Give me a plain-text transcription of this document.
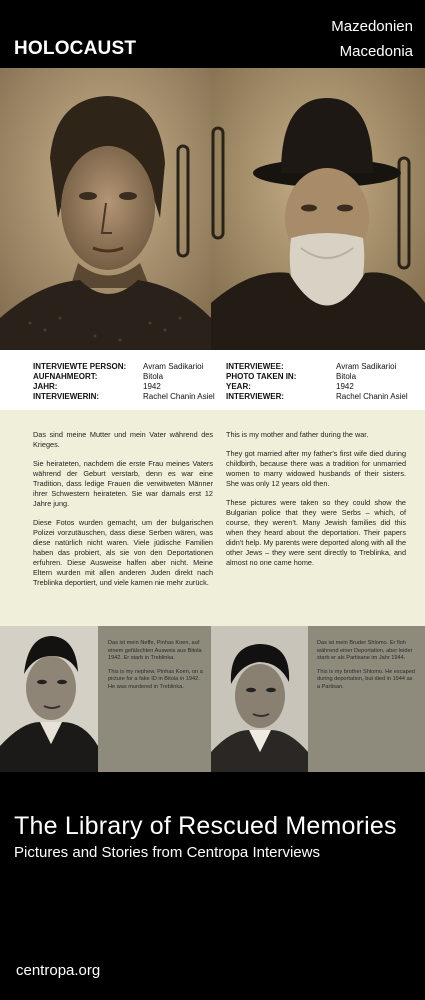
HOLOCAUST
Mazedonien
Macedonia
INTERVIEWTE PERSON: Avram Sadikarioi
AUFNAHMEORT:	Bitola
JAHR:	1942
INTERVIEWERIN:	Rachel Chanin Asiel
INTERVIEWEE:	Avram Sadikarioi
PHOTO TAKEN IN:	Bitola
YEAR:	1942
INTERVIEWER:	Rachel Chanin Asiel

Das sind meine Mutter und mein Vater während des Krieges.

Sie heirateten, nachdem die erste Frau meines Vaters während der Geburt verstarb, denn es war eine Tradition, dass ledige Frauen die verwitweten Männer ihrer Schwestern heirateten. Sie war damals erst 12 Jahre jung.

Diese Fotos wurden gemacht, um der bulgarischen Polizei vorzutäuschen, dass diese Serben wären, was diese natürlich nicht waren. Viele jüdische Familien haben das probiert, als sie von den Deportationen erfuhren. Diese Ausweise halfen aber nicht. Meine Eltern wurden mit allen anderen Juden direkt nach Treblinka deportiert, und viele kamen nie mehr zurück.

This is my mother and father during the war.

They got married after my father's first wife died during childbirth, because there was a tradition for unmarried women to marry widowed husbands of their sisters. She was only 12 years old then.

These pictures were taken so they could show the Bulgarian police that they were Serbs – which, of course, they weren't. Many Jewish families did this when they heard about the deportation. Their papers didn't help. My parents were deported along with all the other Jews – they were sent directly to Treblinka, and almost no one came home.

Das ist mein Neffe, Pinhas Koen, auf einem gefälschten Ausweis aus Bitola 1942. Er starb in Treblinka.

This is my nephew, Pinhas Koen, on a picture for a fake ID in Bitola in 1942. He was murdered in Treblinka.

Das ist mein Bruder Shlomo. Er floh während einer Deportation, aber leider starb er als Partisane im Jahr 1944.

This is my brother Shlomo. He escaped during deportation, but died in 1944 as a Partisan.

The Library of Rescued Memories
Pictures and Stories from Centropa Interviews
centropa.org
